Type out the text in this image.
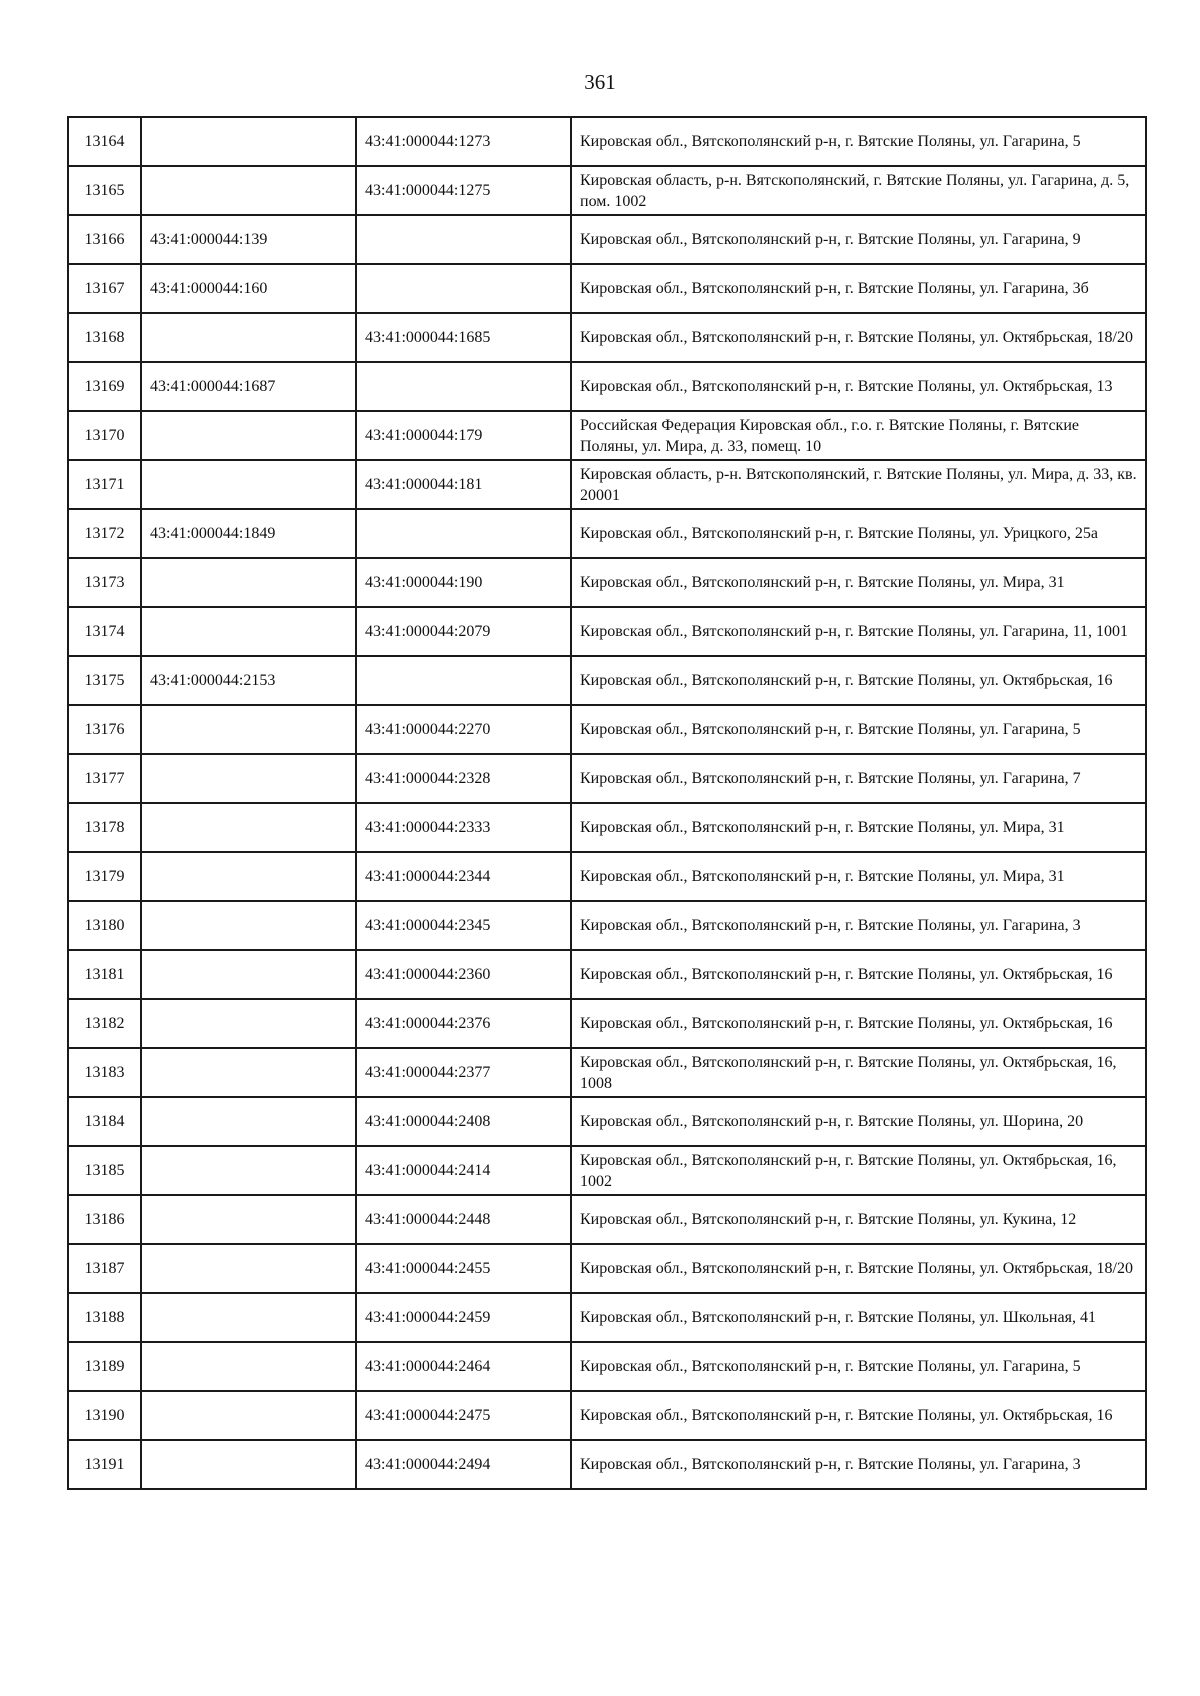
361
13164		43:41:000044:1273	Кировская обл., Вятскополянский р-н, г. Вятские Поляны, ул. Гагарина, 5
13165		43:41:000044:1275	Кировская область, р-н. Вятскополянский, г. Вятские Поляны, ул. Гагарина, д. 5, пом. 1002
13166	43:41:000044:139		Кировская обл., Вятскополянский р-н, г. Вятские Поляны, ул. Гагарина, 9
13167	43:41:000044:160		Кировская обл., Вятскополянский р-н, г. Вятские Поляны, ул. Гагарина, 3б
13168		43:41:000044:1685	Кировская обл., Вятскополянский р-н, г. Вятские Поляны, ул. Октябрьская, 18/20
13169	43:41:000044:1687		Кировская обл., Вятскополянский р-н, г. Вятские Поляны, ул. Октябрьская, 13
13170		43:41:000044:179	Российская Федерация Кировская обл., г.о. г. Вятские Поляны, г. Вятские Поляны, ул. Мира, д. 33, помещ. 10
13171		43:41:000044:181	Кировская область, р-н. Вятскополянский, г. Вятские Поляны, ул. Мира, д. 33, кв. 20001
13172	43:41:000044:1849		Кировская обл., Вятскополянский р-н, г. Вятские Поляны, ул. Урицкого, 25а
13173		43:41:000044:190	Кировская обл., Вятскополянский р-н, г. Вятские Поляны, ул. Мира, 31
13174		43:41:000044:2079	Кировская обл., Вятскополянский р-н, г. Вятские Поляны, ул. Гагарина, 11, 1001
13175	43:41:000044:2153		Кировская обл., Вятскополянский р-н, г. Вятские Поляны, ул. Октябрьская, 16
13176		43:41:000044:2270	Кировская обл., Вятскополянский р-н, г. Вятские Поляны, ул. Гагарина, 5
13177		43:41:000044:2328	Кировская обл., Вятскополянский р-н, г. Вятские Поляны, ул. Гагарина, 7
13178		43:41:000044:2333	Кировская обл., Вятскополянский р-н, г. Вятские Поляны, ул. Мира, 31
13179		43:41:000044:2344	Кировская обл., Вятскополянский р-н, г. Вятские Поляны, ул. Мира, 31
13180		43:41:000044:2345	Кировская обл., Вятскополянский р-н, г. Вятские Поляны, ул. Гагарина, 3
13181		43:41:000044:2360	Кировская обл., Вятскополянский р-н, г. Вятские Поляны, ул. Октябрьская, 16
13182		43:41:000044:2376	Кировская обл., Вятскополянский р-н, г. Вятские Поляны, ул. Октябрьская, 16
13183		43:41:000044:2377	Кировская обл., Вятскополянский р-н, г. Вятские Поляны, ул. Октябрьская, 16, 1008
13184		43:41:000044:2408	Кировская обл., Вятскополянский р-н, г. Вятские Поляны, ул. Шорина, 20
13185		43:41:000044:2414	Кировская обл., Вятскополянский р-н, г. Вятские Поляны, ул. Октябрьская, 16, 1002
13186		43:41:000044:2448	Кировская обл., Вятскополянский р-н, г. Вятские Поляны, ул. Кукина, 12
13187		43:41:000044:2455	Кировская обл., Вятскополянский р-н, г. Вятские Поляны, ул. Октябрьская, 18/20
13188		43:41:000044:2459	Кировская обл., Вятскополянский р-н, г. Вятские Поляны, ул. Школьная, 41
13189		43:41:000044:2464	Кировская обл., Вятскополянский р-н, г. Вятские Поляны, ул. Гагарина, 5
13190		43:41:000044:2475	Кировская обл., Вятскополянский р-н, г. Вятские Поляны, ул. Октябрьская, 16
13191		43:41:000044:2494	Кировская обл., Вятскополянский р-н, г. Вятские Поляны, ул. Гагарина, 3
